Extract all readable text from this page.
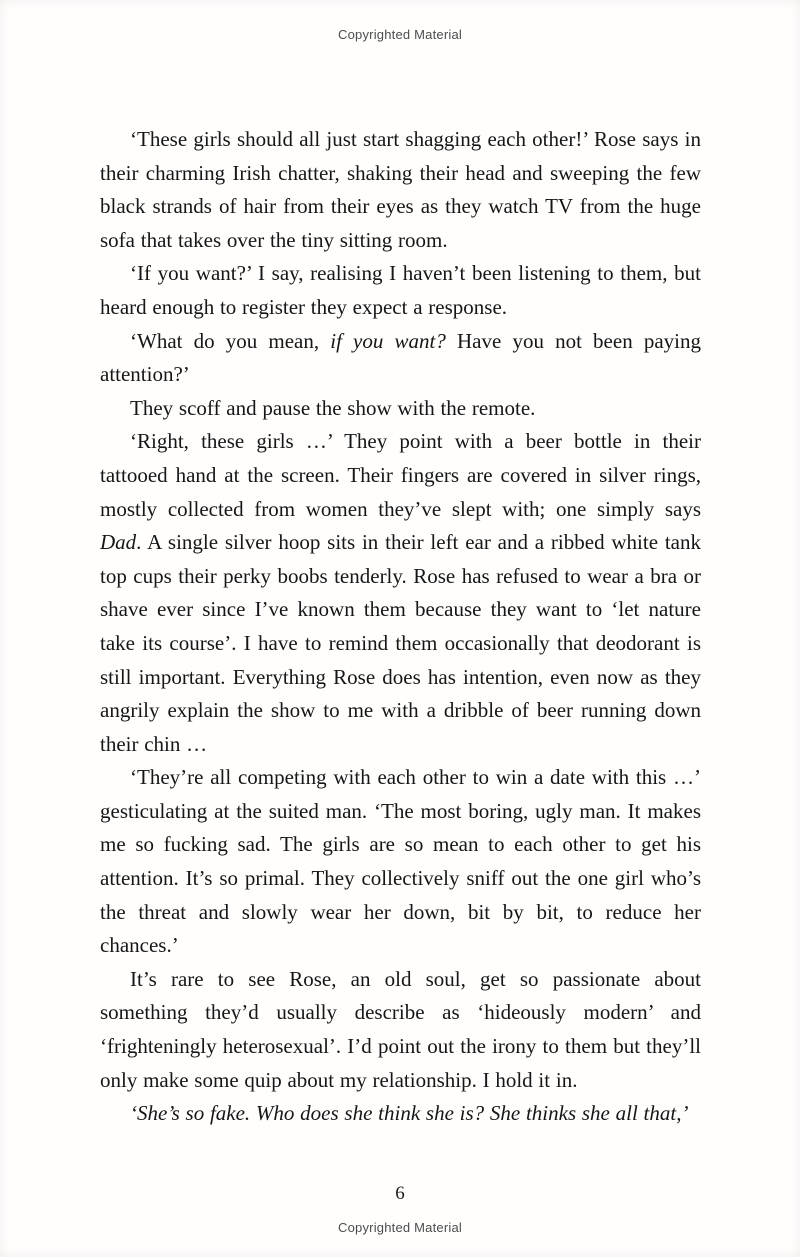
Copyrighted Material

‘These girls should all just start shagging each other!’ Rose says in their charming Irish chatter, shaking their head and sweeping the few black strands of hair from their eyes as they watch TV from the huge sofa that takes over the tiny sitting room.

‘If you want?’ I say, realising I haven’t been listening to them, but heard enough to register they expect a response.

‘What do you mean, if you want? Have you not been paying attention?’

They scoff and pause the show with the remote.

‘Right, these girls …’ They point with a beer bottle in their tattooed hand at the screen. Their fingers are covered in silver rings, mostly collected from women they’ve slept with; one simply says Dad. A single silver hoop sits in their left ear and a ribbed white tank top cups their perky boobs tenderly. Rose has refused to wear a bra or shave ever since I’ve known them because they want to ‘let nature take its course’. I have to remind them occasionally that deodorant is still important. Everything Rose does has intention, even now as they angrily explain the show to me with a dribble of beer running down their chin …

‘They’re all competing with each other to win a date with this …’ gesticulating at the suited man. ‘The most boring, ugly man. It makes me so fucking sad. The girls are so mean to each other to get his attention. It’s so primal. They collectively sniff out the one girl who’s the threat and slowly wear her down, bit by bit, to reduce her chances.’

It’s rare to see Rose, an old soul, get so passionate about something they’d usually describe as ‘hideously modern’ and ‘frighteningly heterosexual’. I’d point out the irony to them but they’ll only make some quip about my relationship. I hold it in.

‘She’s so fake. Who does she think she is? She thinks she all that,’

6
Copyrighted Material
